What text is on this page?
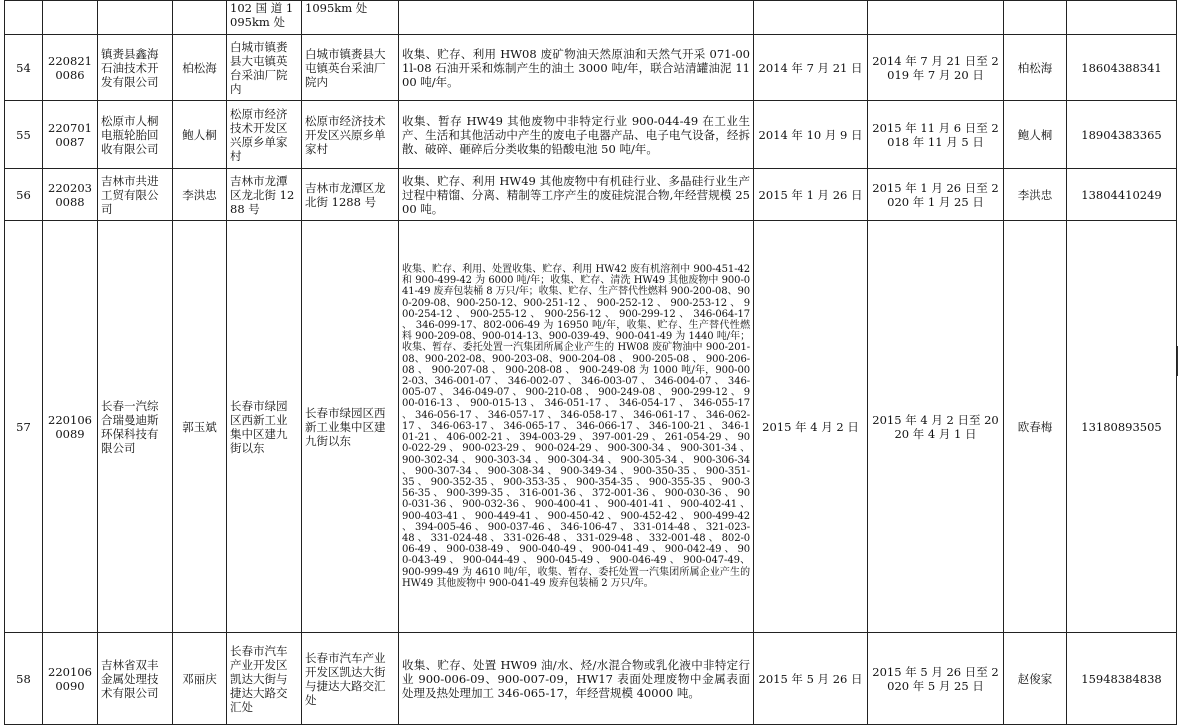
				102 国 道 1095km 处	1095km 处					
54	220821 0086	镇赉县鑫海石油技术开发有限公司	柏松海	白城市镇赉县大屯镇英台采油厂院内	白城市镇赉县大屯镇英台采油厂院内	收集、贮存、利用 HW08 废矿物油天然原油和天然气开采 071-001l-08 石油开采和炼制产生的油土 3000 吨/年，联合站清罐油泥 1100 吨/年。	2014 年 7 月 21 日	2014 年 7 月 21 日至 2019 年 7 月 20 日	柏松海	18604388341
55	220701 0087	松原市人桐电瓶轮胎回收有限公司	鲍人桐	松原市经济技术开发区兴原乡单家村	松原市经济技术开发区兴原乡单家村	收集、暂存 HW49 其他废物中非特定行业 900-044-49 在工业生产、生活和其他活动中产生的废电子电器产品、电子电气设备，经拆散、破碎、砸碎后分类收集的铅酸电池 50 吨/年。	2014 年 10 月 9 日	2015 年 11 月 6 日至 2018 年 11 月 5 日	鲍人桐	18904383365
56	220203 0088	吉林市共进工贸有限公司	李洪忠	吉林市龙潭区龙北街 1288 号	吉林市龙潭区龙北街 1288 号	收集、贮存、利用 HW49 其他废物中有机硅行业、多晶硅行业生产过程中精馏、分离、精制等工序产生的废硅烷混合物,年经营规模 2500 吨。	2015 年 1 月 26 日	2015 年 1 月 26 日至 2020 年 1 月 25 日	李洪忠	13804410249
57	220106 0089	长春一汽综合瑞曼迪斯环保科技有限公司	郭玉斌	长春市绿园区西新工业集中区建九街以东	长春市绿园区西新工业集中区建九街以东	收集、贮存、利用、处置收集、贮存、利用 HW42 废有机溶剂中 900-451-42 和 900-499-42 为 6000 吨/年；收集、贮存、清洗 HW49 其他废物中 900-041-49 废弃包装桶 8 万只/年；收集、贮存、生产替代性燃料 900-200-08、900-209-08、900-250-12、900-251-12 、 900-252-12 、 900-253-12 、 900-254-12 、 900-255-12 、 900-256-12 、 900-299-12 、 346-064-17 、 346-099-17、802-006-49 为 16950 吨/年，收集、贮存、生产替代性燃料 900-209-08、900-014-13、900-039-49、900-041-49 为 1440 吨/年；收集、暂存、委托处置一汽集团所属企业产生的 HW08 废矿物油中 900-201-08、900-202-08、900-203-08、900-204-08 、 900-205-08 、 900-206-08 、 900-207-08 、 900-208-08 、 900-249-08 为 1000 吨/年，900-002-03、346-001-07 、 346-002-07 、 346-003-07 、 346-004-07 、 346-005-07 、 346-049-07 、 900-210-08 、 900-249-08 、 900-299-12 、 900-016-13 、 900-015-13 、 346-051-17 、 346-054-17 、 346-055-17 、 346-056-17 、 346-057-17 、 346-058-17 、 346-061-17 、 346-062-17 、 346-063-17 、 346-065-17 、 346-066-17 、 346-100-21 、 346-101-21 、 406-002-21 、 394-003-29 、 397-001-29 、 261-054-29 、 900-022-29 、 900-023-29 、 900-024-29 、 900-300-34 、 900-301-34 、 900-302-34 、 900-303-34 、 900-304-34 、 900-305-34 、 900-306-34 、 900-307-34 、 900-308-34 、 900-349-34 、 900-350-35 、 900-351-35 、 900-352-35 、 900-353-35 、 900-354-35 、 900-355-35 、 900-356-35 、 900-399-35 、 316-001-36 、 372-001-36 、 900-030-36 、 900-031-36 、 900-032-36 、 900-400-41 、 900-401-41 、 900-402-41 、 900-403-41 、 900-449-41 、 900-450-42 、 900-452-42 、 900-499-42 、 394-005-46 、 900-037-46 、 346-106-47 、 331-014-48 、 321-023-48 、 331-024-48 、 331-026-48 、 331-029-48 、 332-001-48 、 802-006-49 、 900-038-49 、 900-040-49 、 900-041-49 、 900-042-49 、 900-043-49 、 900-044-49 、 900-045-49 、 900-046-49 、 900-047-49、900-999-49 为 4610 吨/年，收集、暂存、委托处置一汽集团所属企业产生的 HW49 其他废物中 900-041-49 废弃包装桶 2 万只/年。	2015 年 4 月 2 日	2015 年 4 月 2 日至 2020 年 4 月 1 日	欧春梅	13180893505
58	220106 0090	吉林省双丰金属处理技术有限公司	邓丽庆	长春市汽车产业开发区凯达大街与捷达大路交汇处	长春市汽车产业开发区凯达大街与捷达大路交汇处	收集、贮存、处置 HW09 油/水、烃/水混合物或乳化液中非特定行业 900-006-09、900-007-09，HW17 表面处理废物中金属表面处理及热处理加工 346-065-17，年经营规模 40000 吨。	2015 年 5 月 26 日	2015 年 5 月 26 日至 2020 年 5 月 25 日	赵俊家	15948384838
